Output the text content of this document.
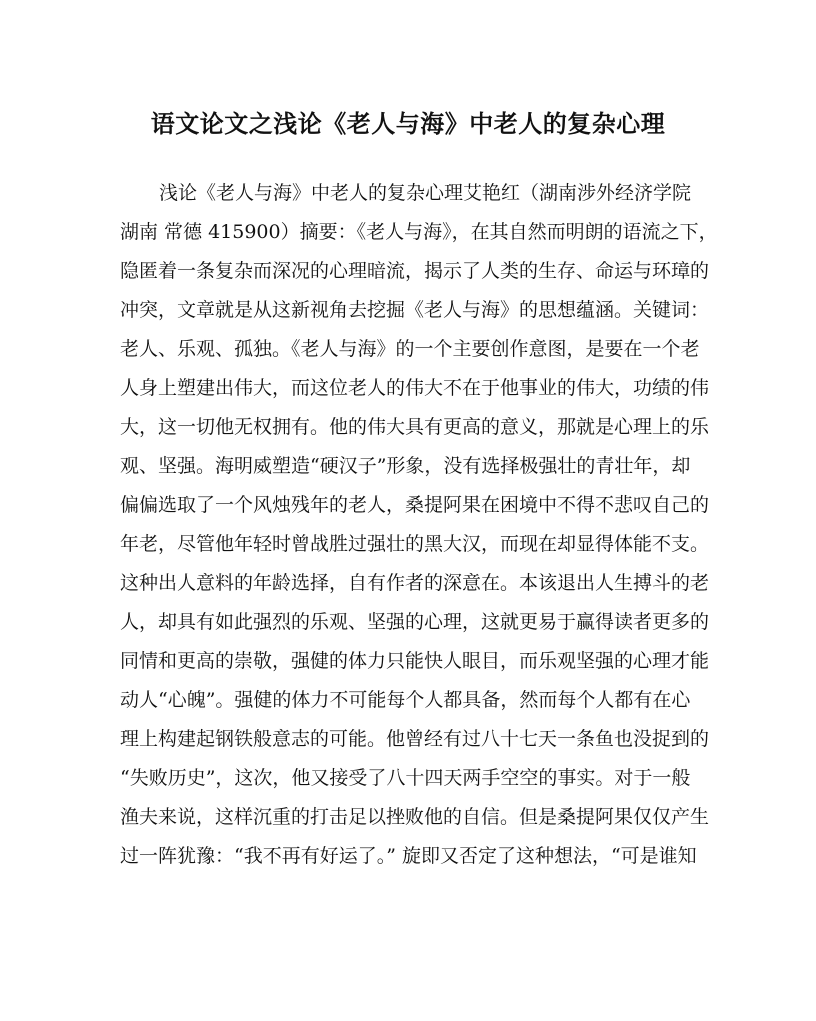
语文论文之浅论《老人与海》中老人的复杂心理
浅论《老人与海》中老人的复杂心理艾艳红（湖南涉外经济学院
湖南 常德 415900）摘要：《老人与海》，在其自然而明朗的语流之下，
隐匿着一条复杂而深况的心理暗流，揭示了人类的生存、命运与环璋的
冲突，文章就是从这新视角去挖掘《老人与海》的思想蕴涵。关键词：
老人、乐观、孤独。《老人与海》的一个主要创作意图，是要在一个老
人身上塑建出伟大，而这位老人的伟大不在于他事业的伟大，功绩的伟
大，这一切他无权拥有。他的伟大具有更高的意义，那就是心理上的乐
观、坚强。海明威塑造“硬汉子”形象，没有选择极强壮的青壮年，却
偏偏选取了一个风烛残年的老人，桑提阿果在困境中不得不悲叹自己的
年老，尽管他年轻时曾战胜过强壮的黑大汉，而现在却显得体能不支。
这种出人意料的年龄选择，自有作者的深意在。本该退出人生搏斗的老
人，却具有如此强烈的乐观、坚强的心理，这就更易于赢得读者更多的
同情和更高的崇敬，强健的体力只能快人眼目，而乐观坚强的心理才能
动人“心魄”。强健的体力不可能每个人都具备，然而每个人都有在心
理上构建起钢铁般意志的可能。他曾经有过八十七天一条鱼也没捉到的
“失败历史”，这次，他又接受了八十四天两手空空的事实。对于一般
渔夫来说，这样沉重的打击足以挫败他的自信。但是桑提阿果仅仅产生
过一阵犹豫：“我不再有好运了。” 旋即又否定了这种想法，“可是谁知
